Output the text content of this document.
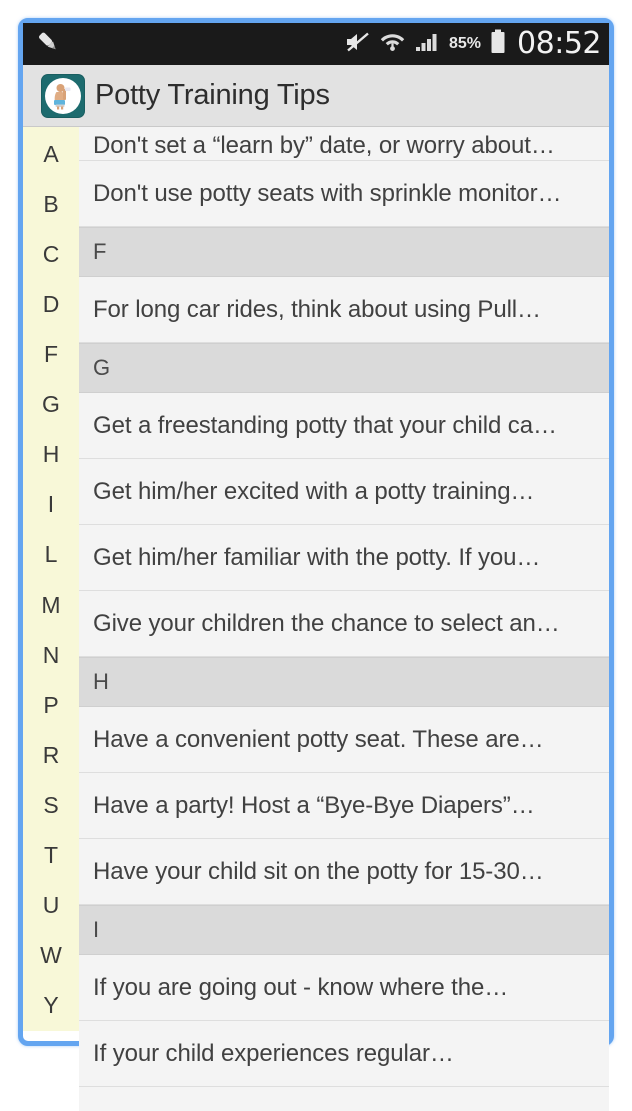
85% 08:52
Potty Training Tips
A
B
C
D
F
G
H
I
L
M
N
P
R
S
T
U
W
Y
Don't set a “learn by” date, or worry about…
Don't use potty seats with sprinkle monitor…
F
For long car rides, think about using Pull…
G
Get a freestanding potty that your child ca…
Get him/her excited with a potty training…
Get him/her familiar with the potty. If you…
Give your children the chance to select an…
H
Have a convenient potty seat. These are…
Have a party! Host a “Bye-Bye Diapers”…
Have your child sit on the potty for 15-30…
I
If you are going out - know where the…
If your child experiences regular…
